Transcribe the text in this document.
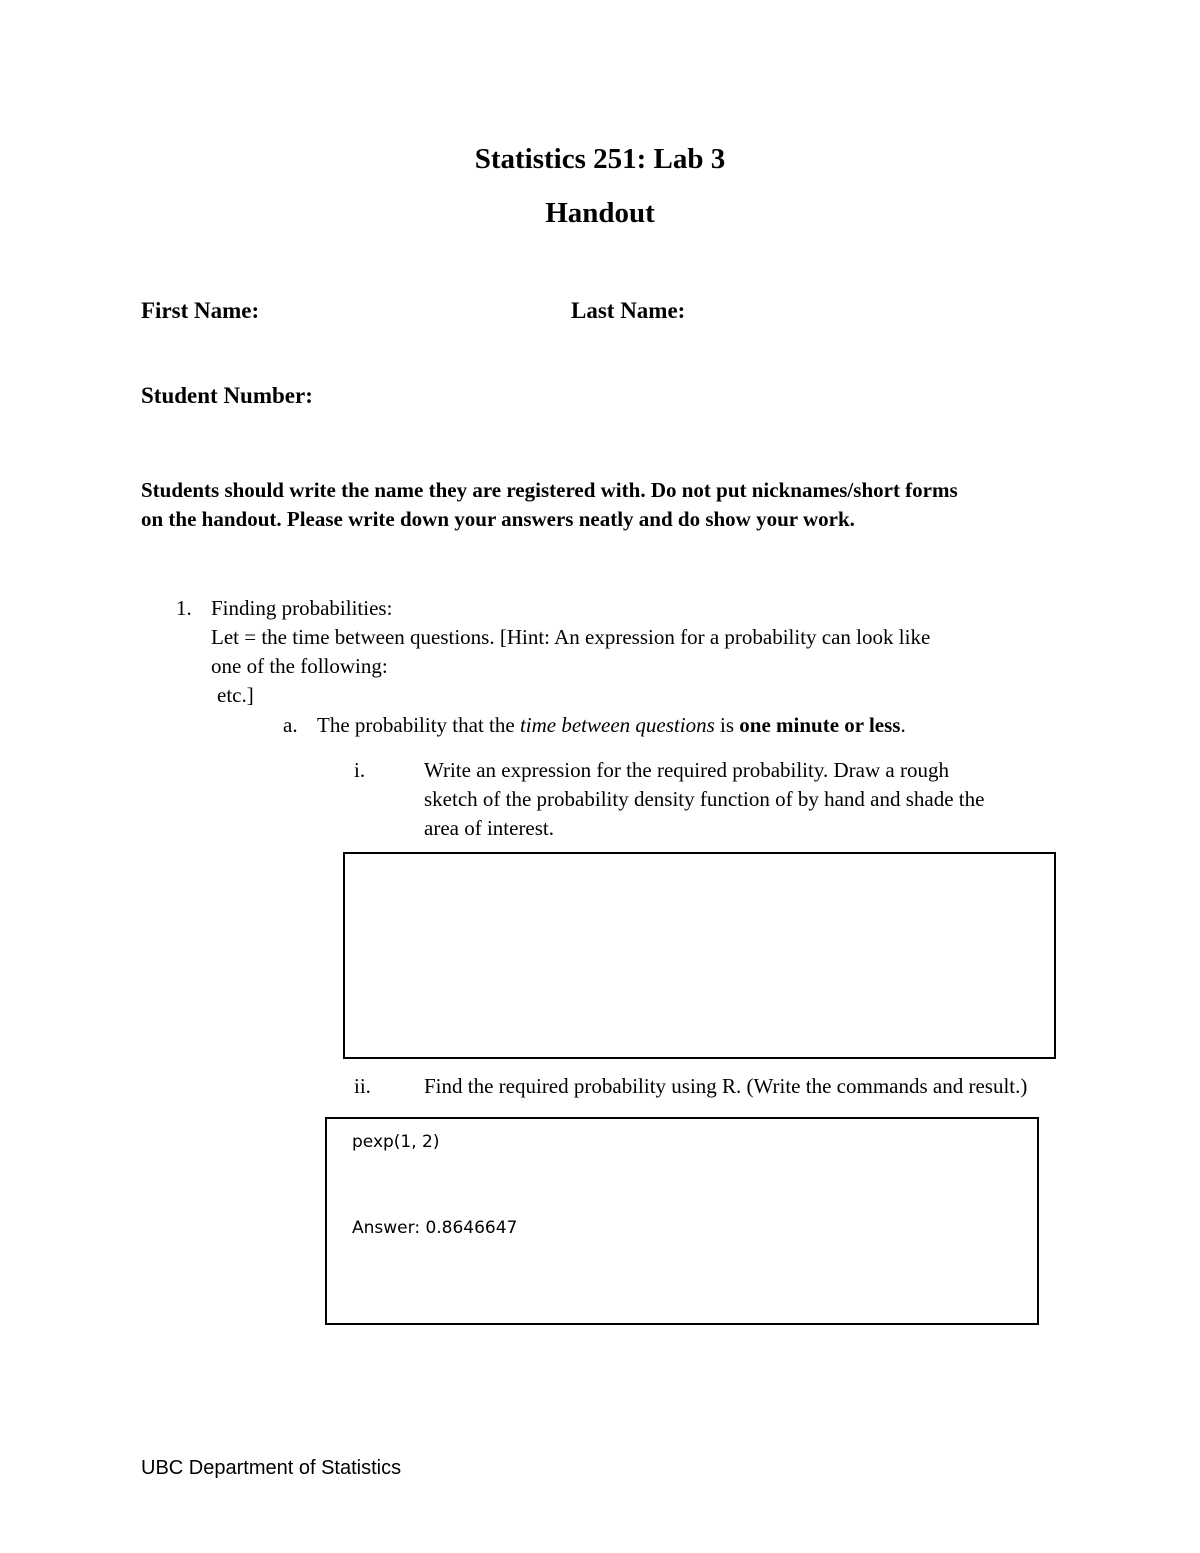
Statistics 251: Lab 3
Handout
First Name:	Last Name:
Student Number:
Students should write the name they are registered with. Do not put nicknames/short forms
on the handout. Please write down your answers neatly and do show your work.
1. Finding probabilities:
Let = the time between questions. [Hint: An expression for a probability can look like
one of the following:
etc.]
a. The probability that the time between questions is one minute or less.
i.	Write an expression for the required probability. Draw a rough
sketch of the probability density function of by hand and shade the
area of interest.
ii.	Find the required probability using R. (Write the commands and result.)
pexp(1, 2)
Answer: 0.8646647
UBC Department of Statistics
